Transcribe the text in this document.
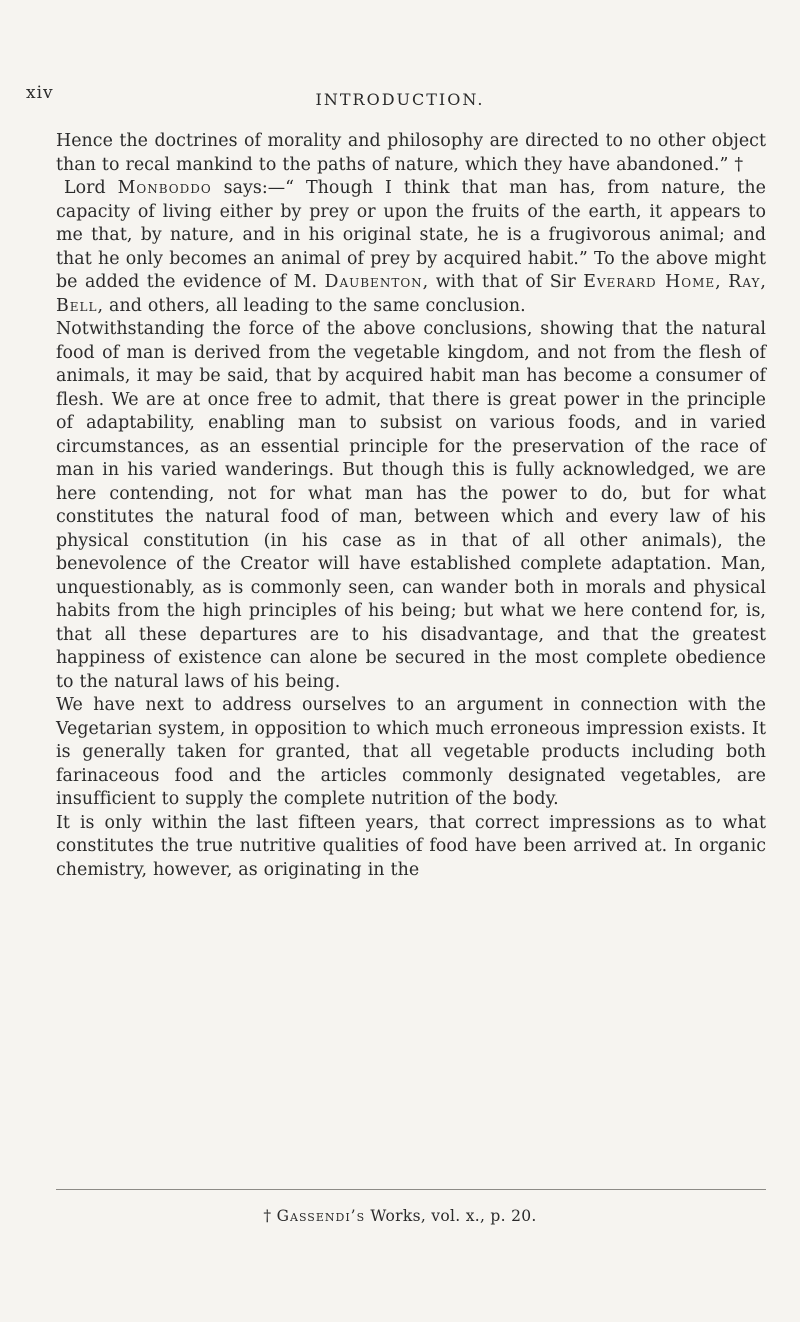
xiv	INTRODUCTION.

Hence the doctrines of morality and philosophy are directed to no other object than to recal mankind to the paths of nature, which they have abandoned.” †

Lord Monboddo says:—“ Though I think that man has, from nature, the capacity of living either by prey or upon the fruits of the earth, it appears to me that, by nature, and in his original state, he is a frugivorous animal; and that he only becomes an animal of prey by acquired habit.” To the above might be added the evidence of M. Daubenton, with that of Sir Everard Home, Ray, Bell, and others, all leading to the same conclusion.

Notwithstanding the force of the above conclusions, showing that the natural food of man is derived from the vegetable kingdom, and not from the flesh of animals, it may be said, that by acquired habit man has become a consumer of flesh. We are at once free to admit, that there is great power in the principle of adaptability, enabling man to subsist on various foods, and in varied circumstances, as an essential principle for the preservation of the race of man in his varied wanderings. But though this is fully acknowledged, we are here contending, not for what man has the power to do, but for what constitutes the natural food of man, between which and every law of his physical constitution (in his case as in that of all other animals), the benevolence of the Creator will have established complete adaptation. Man, unquestionably, as is commonly seen, can wander both in morals and physical habits from the high principles of his being; but what we here contend for, is, that all these departures are to his disadvantage, and that the greatest happiness of existence can alone be secured in the most complete obedience to the natural laws of his being.

We have next to address ourselves to an argument in connection with the Vegetarian system, in opposition to which much erroneous impression exists. It is generally taken for granted, that all vegetable products including both farinaceous food and the articles commonly designated vegetables, are insufficient to supply the complete nutrition of the body.

It is only within the last fifteen years, that correct impressions as to what constitutes the true nutritive qualities of food have been arrived at. In organic chemistry, however, as originating in the

† Gassendi’s Works, vol. x., p. 20.
